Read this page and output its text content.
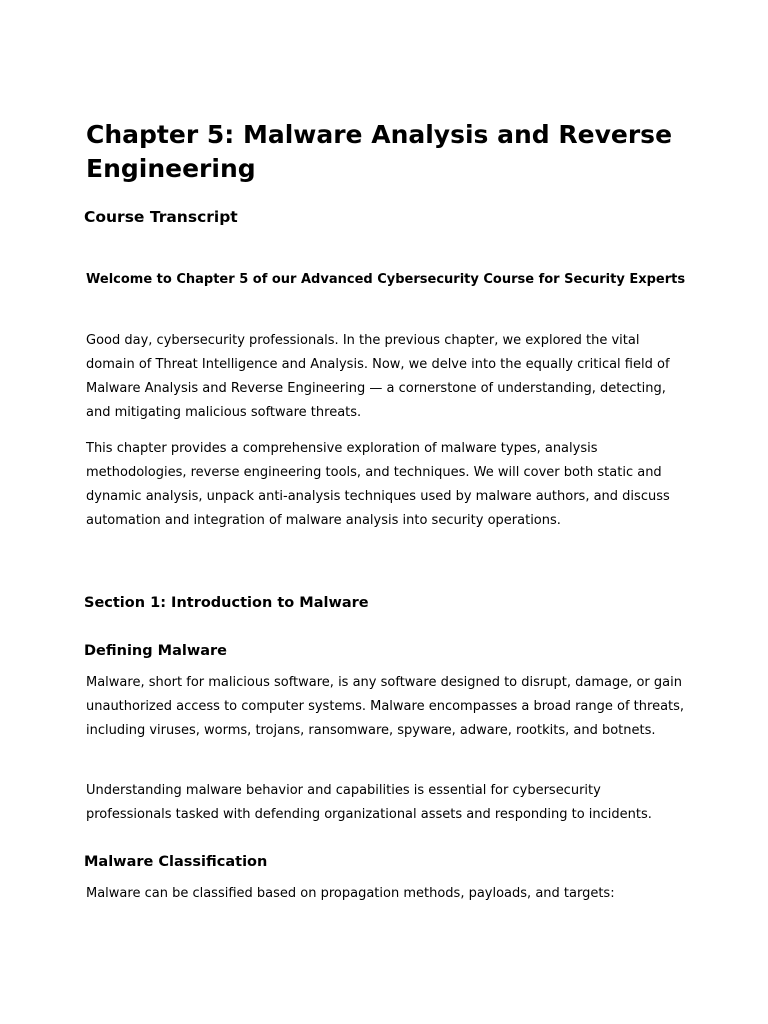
Chapter 5: Malware Analysis and Reverse Engineering
Course Transcript

Welcome to Chapter 5 of our Advanced Cybersecurity Course for Security Experts

Good day, cybersecurity professionals. In the previous chapter, we explored the vital domain of Threat Intelligence and Analysis. Now, we delve into the equally critical field of Malware Analysis and Reverse Engineering — a cornerstone of understanding, detecting, and mitigating malicious software threats.

This chapter provides a comprehensive exploration of malware types, analysis methodologies, reverse engineering tools, and techniques. We will cover both static and dynamic analysis, unpack anti-analysis techniques used by malware authors, and discuss automation and integration of malware analysis into security operations.

Section 1: Introduction to Malware
Defining Malware

Malware, short for malicious software, is any software designed to disrupt, damage, or gain unauthorized access to computer systems. Malware encompasses a broad range of threats, including viruses, worms, trojans, ransomware, spyware, adware, rootkits, and botnets.

Understanding malware behavior and capabilities is essential for cybersecurity professionals tasked with defending organizational assets and responding to incidents.

Malware Classification

Malware can be classified based on propagation methods, payloads, and targets:
